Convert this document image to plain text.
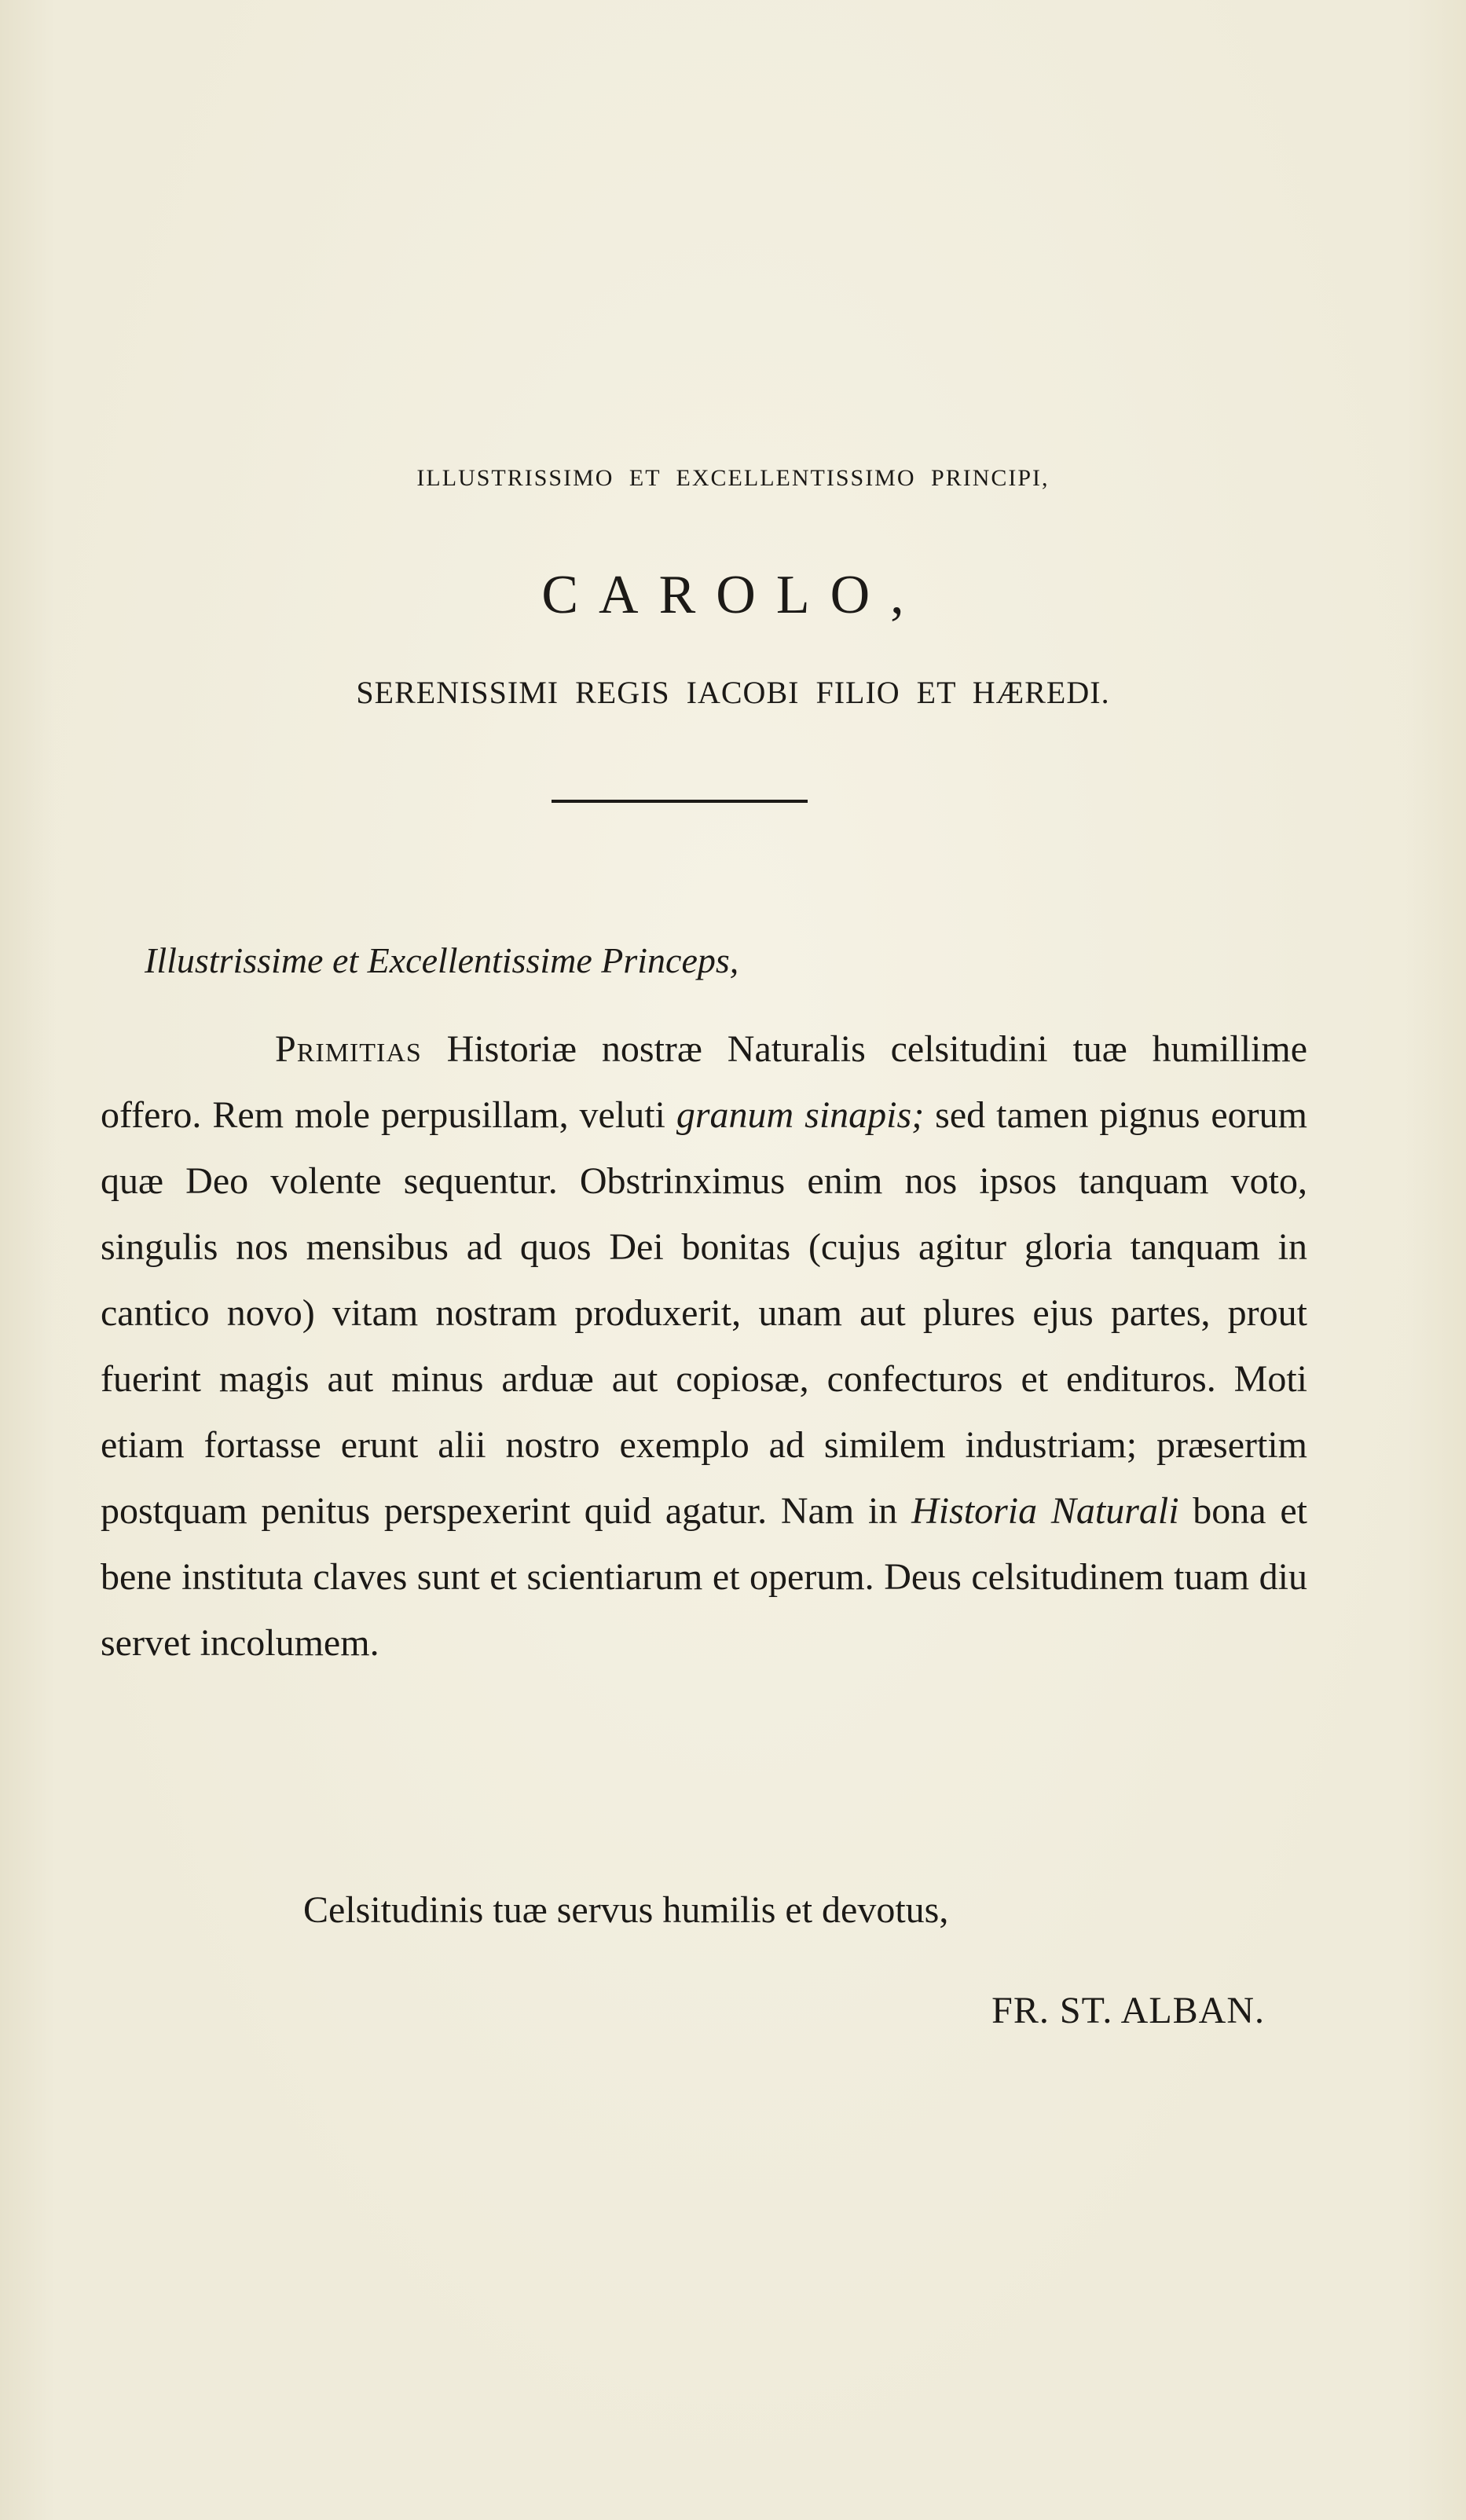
ILLUSTRISSIMO ET EXCELLENTISSIMO PRINCIPI,
CAROLO,
SERENISSIMI REGIS IACOBI FILIO ET HÆREDI.
Illustrissime et Excellentissime Princeps,

Primitias Historiæ nostræ Naturalis celsitudini tuæ humillime offero. Rem mole perpusillam, veluti granum sinapis; sed tamen pignus eorum quæ Deo volente sequentur. Obstrinximus enim nos ipsos tanquam voto, singulis nos mensibus ad quos Dei bonitas (cujus agitur gloria tanquam in cantico novo) vitam nostram produxerit, unam aut plures ejus partes, prout fuerint magis aut minus arduæ aut copiosæ, confecturos et endituros. Moti etiam fortasse erunt alii nostro exemplo ad similem industriam; præsertim postquam penitus perspexerint quid agatur. Nam in Historia Naturali bona et bene instituta claves sunt et scientiarum et operum. Deus celsitudinem tuam diu servet incolumem.

Celsitudinis tuæ servus humilis et devotus,
FR. ST. ALBAN.
